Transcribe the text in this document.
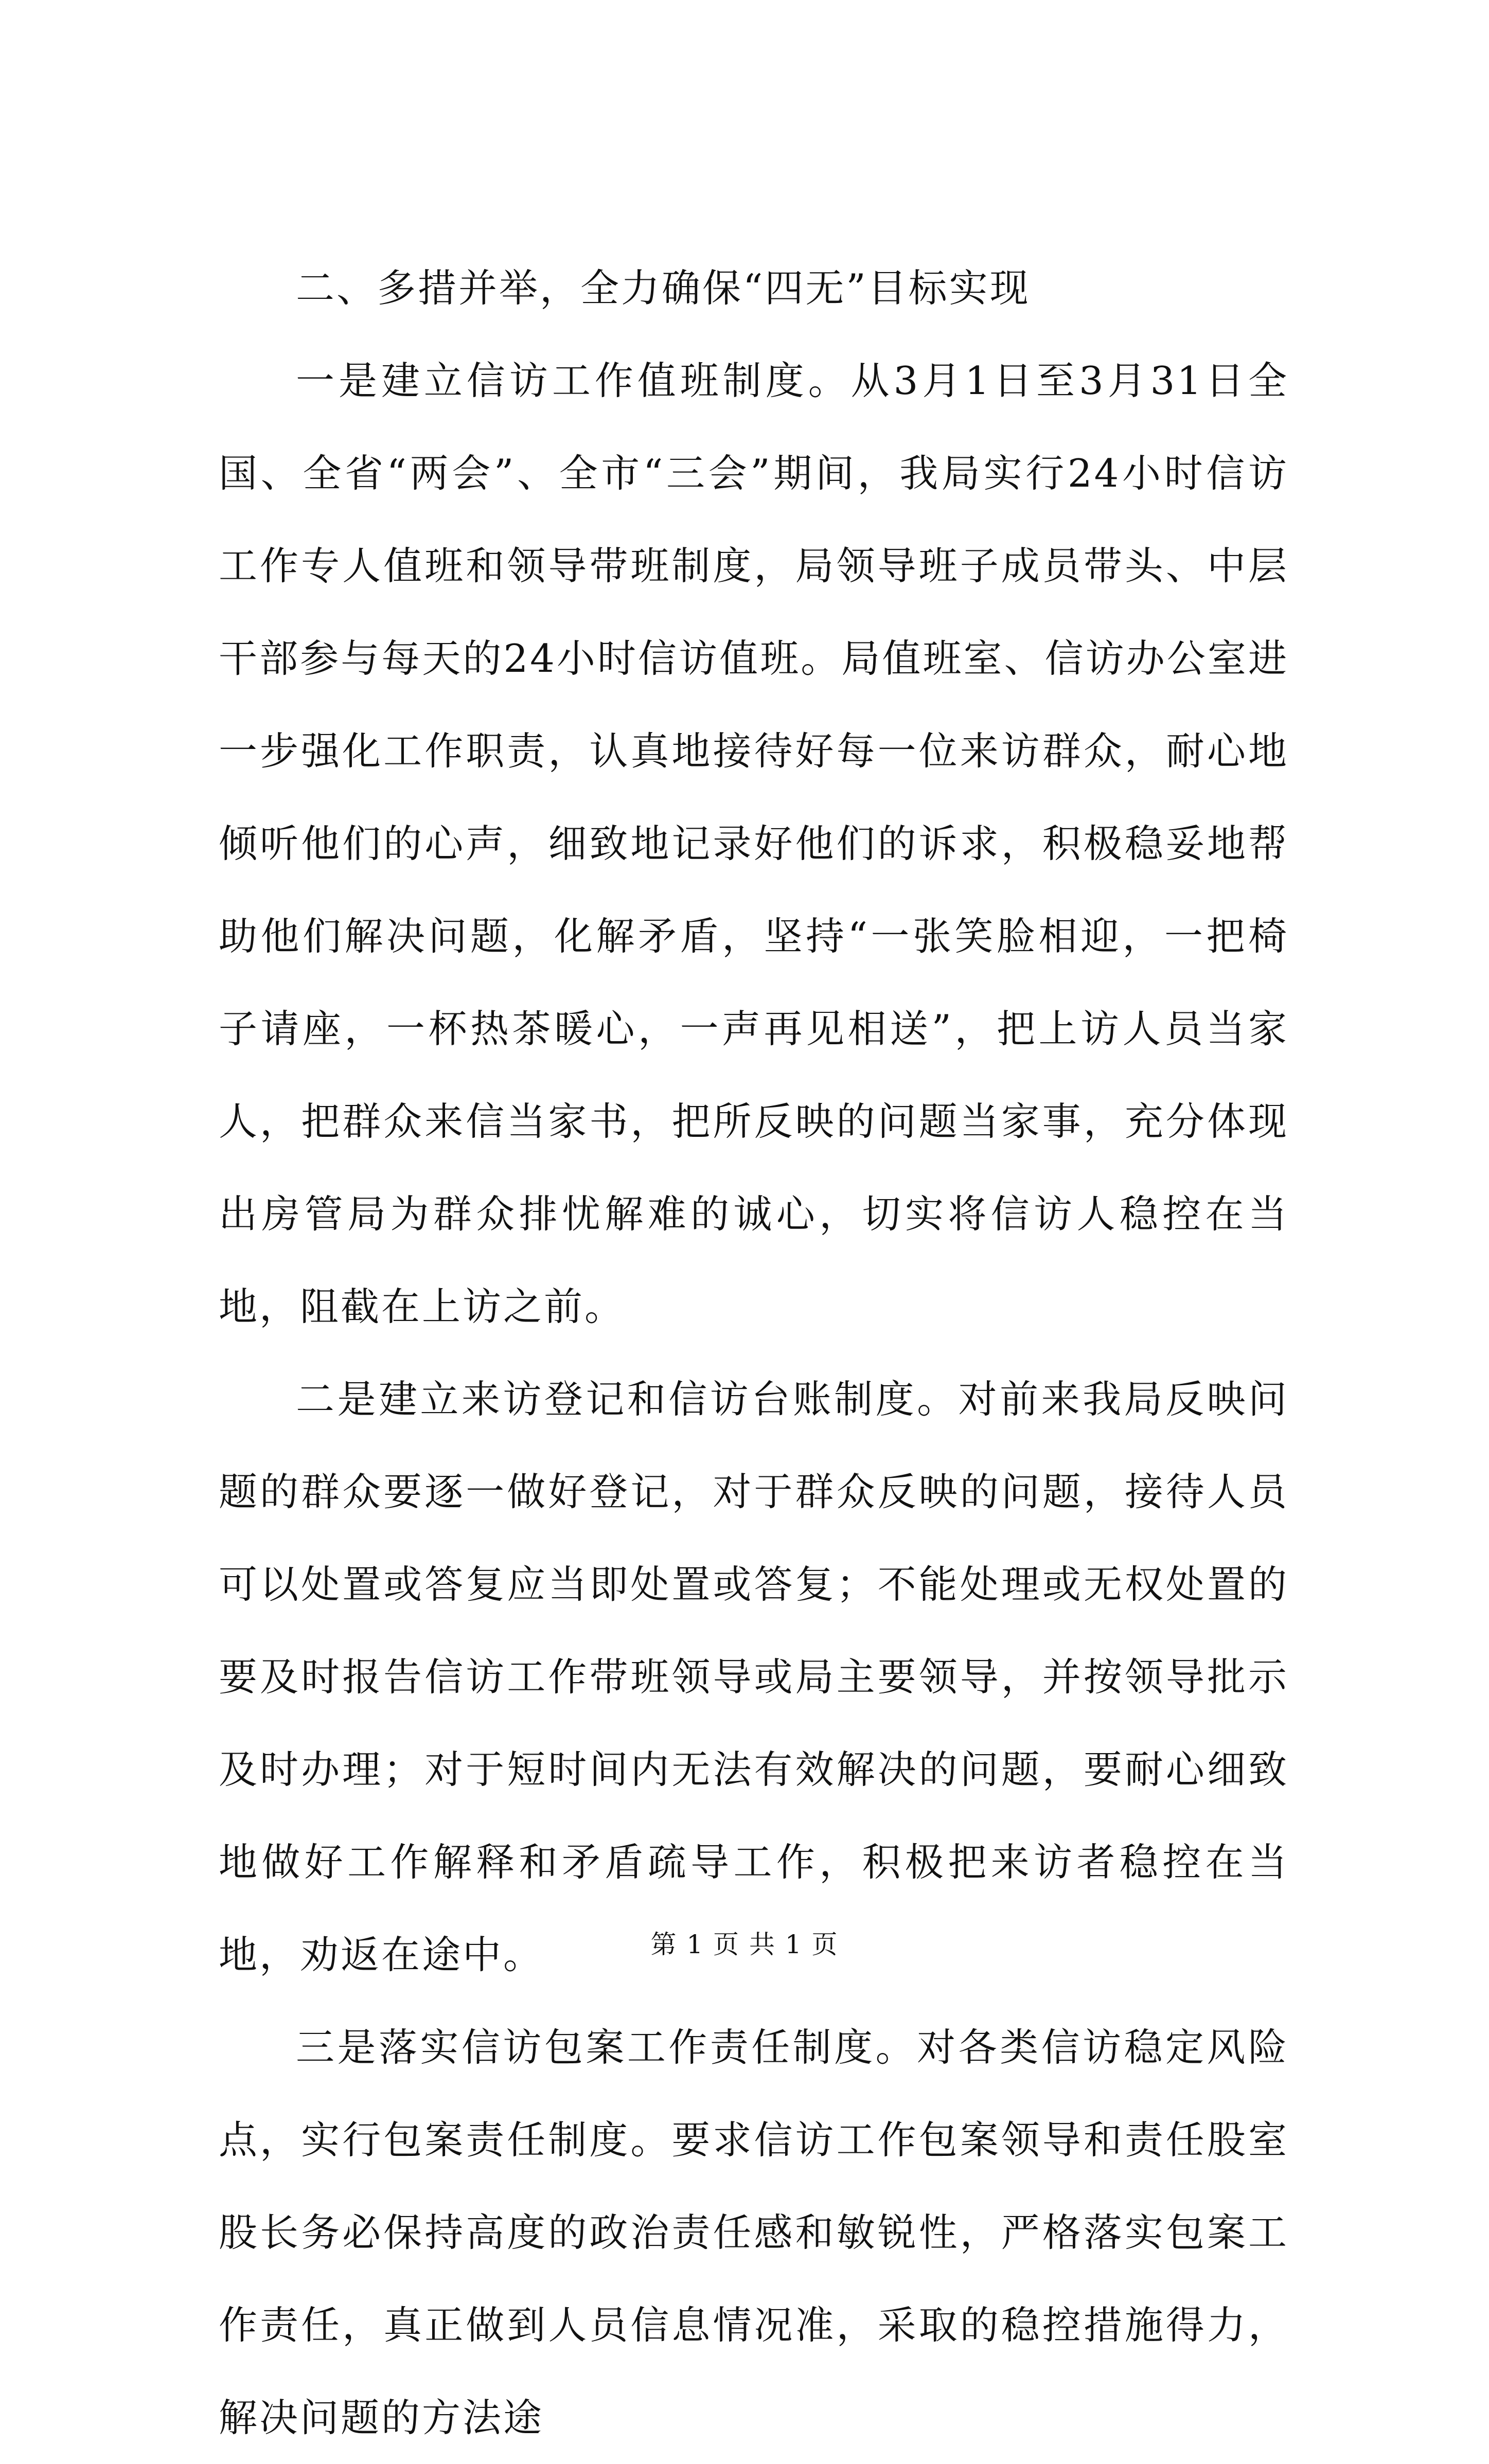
二、多措并举，全力确保“四无”目标实现

一是建立信访工作值班制度。从3月1日至3月31日全国、全省“两会”、全市“三会”期间，我局实行24小时信访工作专人值班和领导带班制度，局领导班子成员带头、中层干部参与每天的24小时信访值班。局值班室、信访办公室进一步强化工作职责，认真地接待好每一位来访群众，耐心地倾听他们的心声，细致地记录好他们的诉求，积极稳妥地帮助他们解决问题，化解矛盾，坚持“一张笑脸相迎，一把椅子请座，一杯热茶暖心，一声再见相送”，把上访人员当家人，把群众来信当家书，把所反映的问题当家事，充分体现出房管局为群众排忧解难的诚心，切实将信访人稳控在当地，阻截在上访之前。

二是建立来访登记和信访台账制度。对前来我局反映问题的群众要逐一做好登记，对于群众反映的问题，接待人员可以处置或答复应当即处置或答复；不能处理或无权处置的要及时报告信访工作带班领导或局主要领导，并按领导批示及时办理；对于短时间内无法有效解决的问题，要耐心细致地做好工作解释和矛盾疏导工作，积极把来访者稳控在当地，劝返在途中。

三是落实信访包案工作责任制度。对各类信访稳定风险点，实行包案责任制度。要求信访工作包案领导和责任股室股长务必保持高度的政治责任感和敏锐性，严格落实包案工作责任，真正做到人员信息情况准，采取的稳控措施得力，解决问题的方法途

第 1 页 共 1 页
